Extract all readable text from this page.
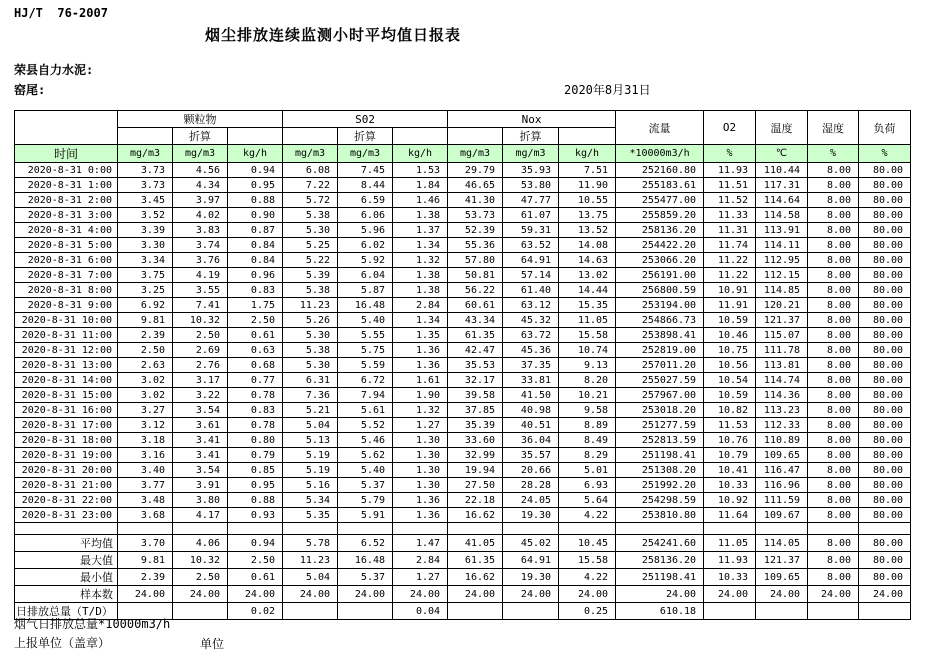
HJ/T  76-2007
烟尘排放连续监测小时平均值日报表
荣县自力水泥:
窑尾:	2020年8月31日
	颗粒物			S02			Nox			流量	O2	温度	湿度	负荷
		折算			折算			折算						
时间	mg/m3	mg/m3	kg/h	mg/m3	mg/m3	kg/h	mg/m3	mg/m3	kg/h	*10000m3/h	%	℃	%	%
2020-8-31 0:00	3.73	4.56	0.94	6.08	7.45	1.53	29.79	35.93	7.51	252160.80	11.93	110.44	8.00	80.00
2020-8-31 1:00	3.73	4.34	0.95	7.22	8.44	1.84	46.65	53.80	11.90	255183.61	11.51	117.31	8.00	80.00
2020-8-31 2:00	3.45	3.97	0.88	5.72	6.59	1.46	41.30	47.77	10.55	255477.00	11.52	114.64	8.00	80.00
2020-8-31 3:00	3.52	4.02	0.90	5.38	6.06	1.38	53.73	61.07	13.75	255859.20	11.33	114.58	8.00	80.00
2020-8-31 4:00	3.39	3.83	0.87	5.30	5.96	1.37	52.39	59.31	13.52	258136.20	11.31	113.91	8.00	80.00
2020-8-31 5:00	3.30	3.74	0.84	5.25	6.02	1.34	55.36	63.52	14.08	254422.20	11.74	114.11	8.00	80.00
2020-8-31 6:00	3.34	3.76	0.84	5.22	5.92	1.32	57.80	64.91	14.63	253066.20	11.22	112.95	8.00	80.00
2020-8-31 7:00	3.75	4.19	0.96	5.39	6.04	1.38	50.81	57.14	13.02	256191.00	11.22	112.15	8.00	80.00
2020-8-31 8:00	3.25	3.55	0.83	5.38	5.87	1.38	56.22	61.40	14.44	256800.59	10.91	114.85	8.00	80.00
2020-8-31 9:00	6.92	7.41	1.75	11.23	16.48	2.84	60.61	63.12	15.35	253194.00	11.91	120.21	8.00	80.00
2020-8-31 10:00	9.81	10.32	2.50	5.26	5.40	1.34	43.34	45.32	11.05	254866.73	10.59	121.37	8.00	80.00
2020-8-31 11:00	2.39	2.50	0.61	5.30	5.55	1.35	61.35	63.72	15.58	253898.41	10.46	115.07	8.00	80.00
2020-8-31 12:00	2.50	2.69	0.63	5.38	5.75	1.36	42.47	45.36	10.74	252819.00	10.75	111.78	8.00	80.00
2020-8-31 13:00	2.63	2.76	0.68	5.30	5.59	1.36	35.53	37.35	9.13	257011.20	10.56	113.81	8.00	80.00
2020-8-31 14:00	3.02	3.17	0.77	6.31	6.72	1.61	32.17	33.81	8.20	255027.59	10.54	114.74	8.00	80.00
2020-8-31 15:00	3.02	3.22	0.78	7.36	7.94	1.90	39.58	41.50	10.21	257967.00	10.59	114.36	8.00	80.00
2020-8-31 16:00	3.27	3.54	0.83	5.21	5.61	1.32	37.85	40.98	9.58	253018.20	10.82	113.23	8.00	80.00
2020-8-31 17:00	3.12	3.61	0.78	5.04	5.52	1.27	35.39	40.51	8.89	251277.59	11.53	112.33	8.00	80.00
2020-8-31 18:00	3.18	3.41	0.80	5.13	5.46	1.30	33.60	36.04	8.49	252813.59	10.76	110.89	8.00	80.00
2020-8-31 19:00	3.16	3.41	0.79	5.19	5.62	1.30	32.99	35.57	8.29	251198.41	10.79	109.65	8.00	80.00
2020-8-31 20:00	3.40	3.54	0.85	5.19	5.40	1.30	19.94	20.66	5.01	251308.20	10.41	116.47	8.00	80.00
2020-8-31 21:00	3.77	3.91	0.95	5.16	5.37	1.30	27.50	28.28	6.93	251992.20	10.33	116.96	8.00	80.00
2020-8-31 22:00	3.48	3.80	0.88	5.34	5.79	1.36	22.18	24.05	5.64	254298.59	10.92	111.59	8.00	80.00
2020-8-31 23:00	3.68	4.17	0.93	5.35	5.91	1.36	16.62	19.30	4.22	253810.80	11.64	109.67	8.00	80.00

平均值	3.70	4.06	0.94	5.78	6.52	1.47	41.05	45.02	10.45	254241.60	11.05	114.05	8.00	80.00
最大值	9.81	10.32	2.50	11.23	16.48	2.84	61.35	64.91	15.58	258136.20	11.93	121.37	8.00	80.00
最小值	2.39	2.50	0.61	5.04	5.37	1.27	16.62	19.30	4.22	251198.41	10.33	109.65	8.00	80.00
样本数	24.00	24.00	24.00	24.00	24.00	24.00	24.00	24.00	24.00	24.00	24.00	24.00	24.00	24.00
日排放总量（T/D）			0.02			0.04			0.25	610.18				
烟气日排放总量*10000m3/h
上报单位（盖章）	单位
